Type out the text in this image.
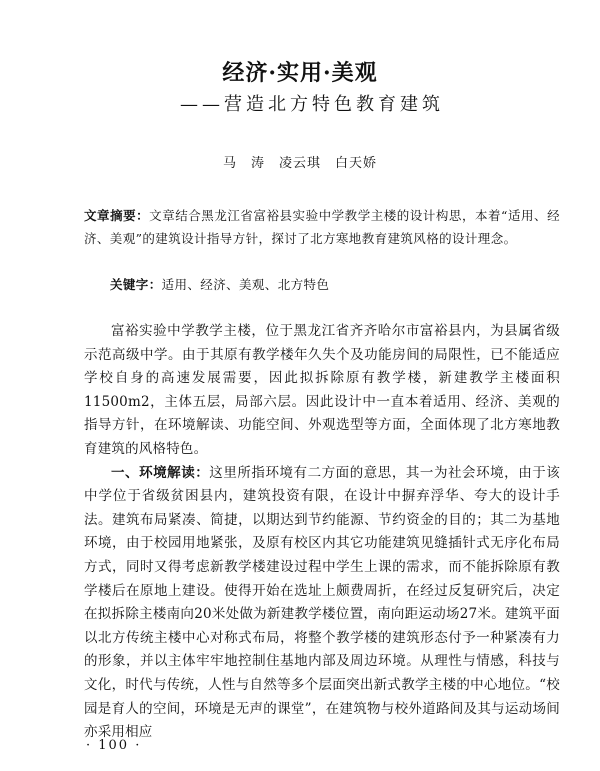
经济·实用·美观
——营造北方特色教育建筑
马　涛　凌云琪　白天娇
文章摘要：文章结合黑龙江省富裕县实验中学教学主楼的设计构思，本着“适用、经济、美观”的建筑设计指导方针，探讨了北方寒地教育建筑风格的设计理念。
关键字：适用、经济、美观、北方特色

富裕实验中学教学主楼，位于黑龙江省齐齐哈尔市富裕县内，为县属省级示范高级中学。由于其原有教学楼年久失个及功能房间的局限性，已不能适应学校自身的高速发展需要，因此拟拆除原有教学楼，新建教学主楼面积11500m2，主体五层，局部六层。因此设计中一直本着适用、经济、美观的指导方针，在环境解读、功能空间、外观选型等方面，全面体现了北方寒地教育建筑的风格特色。

一、环境解读：这里所指环境有二方面的意思，其一为社会环境，由于该中学位于省级贫困县内，建筑投资有限，在设计中摒弃浮华、夸大的设计手法。建筑布局紧凑、简捷，以期达到节约能源、节约资金的目的；其二为基地环境，由于校园用地紧张，及原有校区内其它功能建筑见缝插针式无序化布局方式，同时又得考虑新教学楼建设过程中学生上课的需求，而不能拆除原有教学楼后在原地上建设。使得开始在选址上颇费周折，在经过反复研究后，决定在拟拆除主楼南向20米处做为新建教学楼位置，南向距运动场27米。建筑平面以北方传统主楼中心对称式布局，将整个教学楼的建筑形态付予一种紧凑有力的形象，并以主体牢牢地控制住基地内部及周边环境。从理性与情感，科技与文化，时代与传统，人性与自然等多个层面突出新式教学主楼的中心地位。“校园是育人的空间，环境是无声的课堂”，在建筑物与校外道路间及其与运动场间亦采用相应

· 100 ·
